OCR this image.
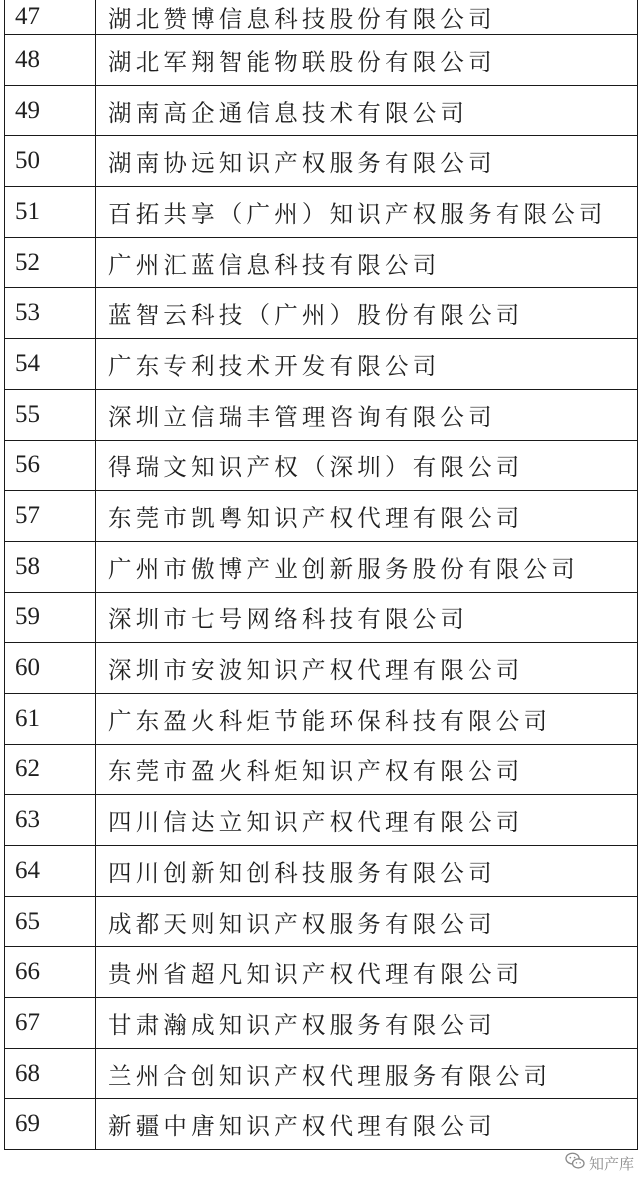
47	湖北赞博信息科技股份有限公司
48	湖北军翔智能物联股份有限公司
49	湖南高企通信息技术有限公司
50	湖南协远知识产权服务有限公司
51	百拓共享（广州）知识产权服务有限公司
52	广州汇蓝信息科技有限公司
53	蓝智云科技（广州）股份有限公司
54	广东专利技术开发有限公司
55	深圳立信瑞丰管理咨询有限公司
56	得瑞文知识产权（深圳）有限公司
57	东莞市凯粤知识产权代理有限公司
58	广州市傲博产业创新服务股份有限公司
59	深圳市七号网络科技有限公司
60	深圳市安波知识产权代理有限公司
61	广东盈火科炬节能环保科技有限公司
62	东莞市盈火科炬知识产权有限公司
63	四川信达立知识产权代理有限公司
64	四川创新知创科技服务有限公司
65	成都天则知识产权服务有限公司
66	贵州省超凡知识产权代理有限公司
67	甘肃瀚成知识产权服务有限公司
68	兰州合创知识产权代理服务有限公司
69	新疆中唐知识产权代理有限公司
知产库
